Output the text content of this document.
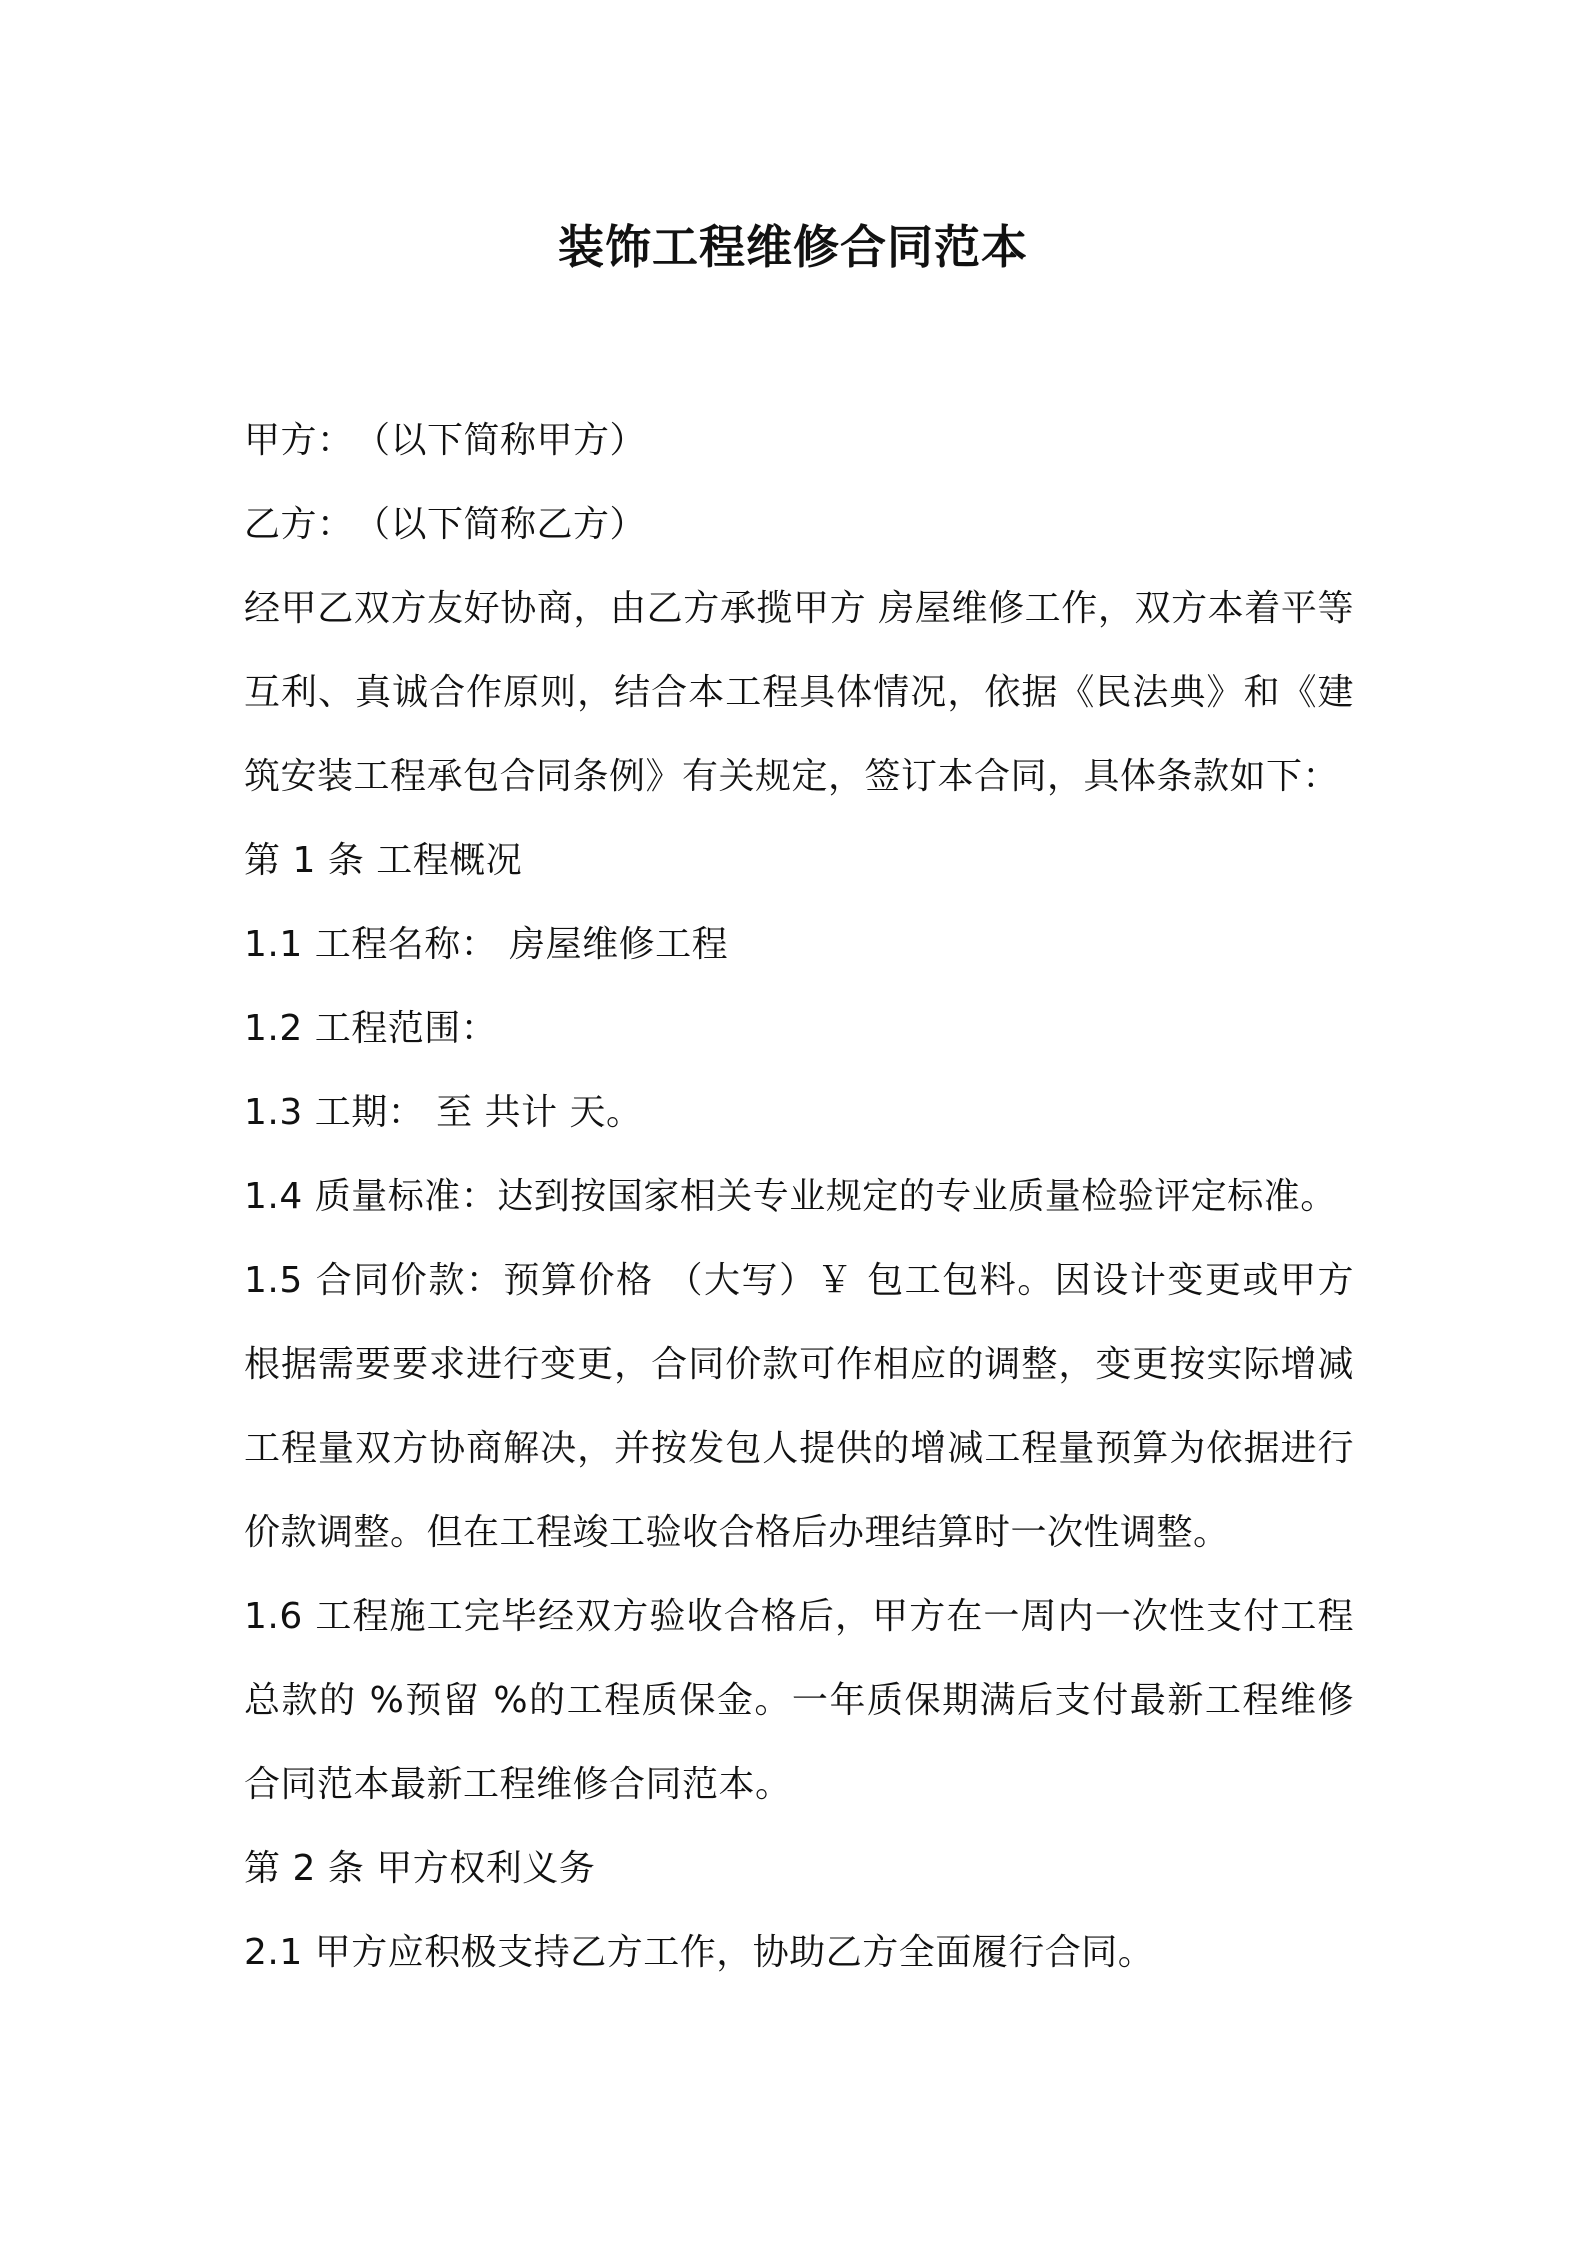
装饰工程维修合同范本

甲方：　（以下简称甲方）

乙方：　（以下简称乙方）

经甲乙双方友好协商，由乙方承揽甲方 房屋维修工作，双方本着平等互利、真诚合作原则，结合本工程具体情况，依据《民法典》和《建筑安装工程承包合同条例》有关规定，签订本合同，具体条款如下：

第 1 条 工程概况

1.1 工程名称： 房屋维修工程

1.2 工程范围：

1.3 工期： 至 共计 天。

1.4 质量标准：达到按国家相关专业规定的专业质量检验评定标准。

1.5 合同价款：预算价格 （大写）￥ 包工包料。因设计变更或甲方根据需要要求进行变更，合同价款可作相应的调整，变更按实际增减工程量双方协商解决，并按发包人提供的增减工程量预算为依据进行价款调整。但在工程竣工验收合格后办理结算时一次性调整。

1.6 工程施工完毕经双方验收合格后，甲方在一周内一次性支付工程总款的 %预留 %的工程质保金。一年质保期满后支付最新工程维修合同范本最新工程维修合同范本。

第 2 条 甲方权利义务

2.1 甲方应积极支持乙方工作，协助乙方全面履行合同。
